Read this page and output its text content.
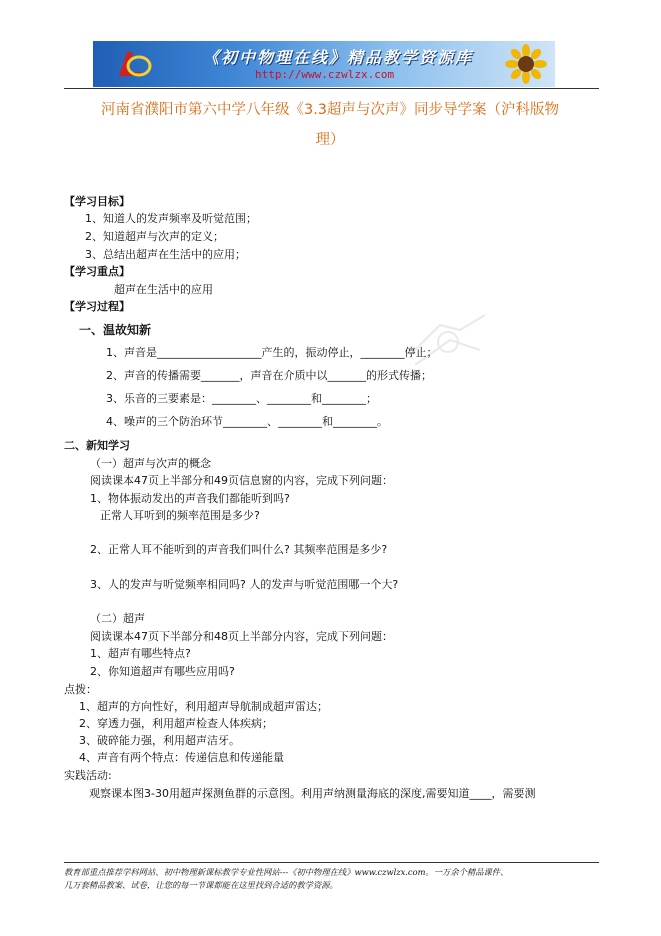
《初中物理在线》精品教学资源库
http://www.czwlzx.com
河南省濮阳市第六中学八年级《3.3超声与次声》同步导学案（沪科版物
理）
【学习目标】
1、知道人的发声频率及听觉范围；
2、知道超声与次声的定义；
3、总结出超声在生活中的应用；
【学习重点】
超声在生活中的应用
【学习过程】
一、温故知新
1、声音是___________________产生的，振动停止，________停止；
2、声音的传播需要_______，声音在介质中以_______的形式传播；
3、乐音的三要素是：________、________和________；
4、噪声的三个防治环节________、________和________。
二、新知学习
（一）超声与次声的概念
阅读课本47页上半部分和49页信息窗的内容，完成下列问题：
1、物体振动发出的声音我们都能听到吗?
正常人耳听到的频率范围是多少?
2、正常人耳不能听到的声音我们叫什么? 其频率范围是多少?
3、人的发声与听觉频率相同吗? 人的发声与听觉范围哪一个大?
（二）超声
阅读课本47页下半部分和48页上半部分内容，完成下列问题：
1、超声有哪些特点?
2、你知道超声有哪些应用吗?
点拨：
1、超声的方向性好，利用超声导航制成超声雷达；
2、穿透力强，利用超声检查人体疾病；
3、破碎能力强，利用超声洁牙。
4、声音有两个特点：传递信息和传递能量
实践活动:
观察课本图3-30用超声探测鱼群的示意图。利用声纳测量海底的深度,需要知道____，需要测
教育部重点推荐学科网站、初中物理新课标教学专业性网站---《初中物理在线》www.czwlzx.com。一万余个精品课件、
几万套精品教案、试卷，让您的每一节课都能在这里找到合适的教学资源。
